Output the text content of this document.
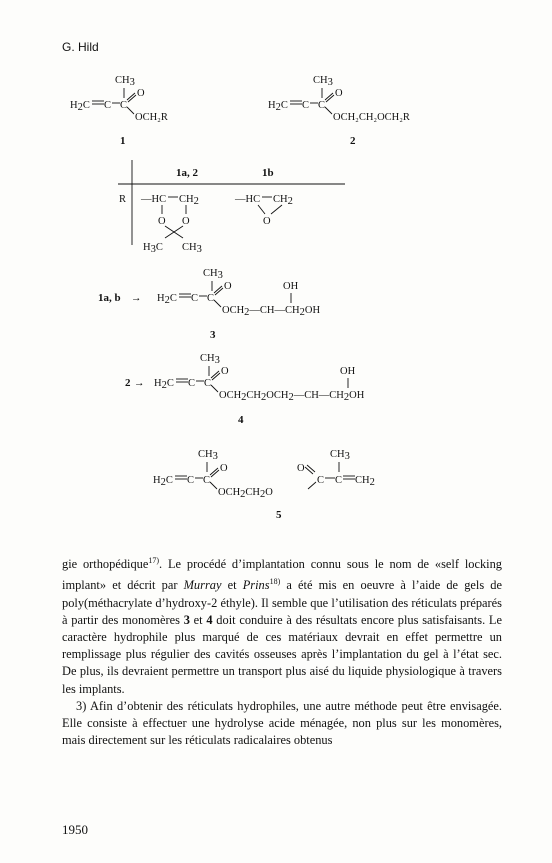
G. Hild
CH3
H2C C C
O
OCH₂R
1
CH3
H2C C C
O
OCH₂CH₂OCH₂R
2
1a, 2	1b
R —HC CH2
O O
H3C CH3
—HC CH2
O
CH3
1a, b → H2C C C
O
OCH2—CH—CH2OH
OH
3
CH3
2 → H2C C C
O
OCH2CH2OCH2—CH—CH2OH
OH
4
CH3
H2C C C
O
OCH2CH2O
C
O
C CH2
CH3
5

gie orthopédique$^{17)}$. Le procédé d’implantation connu sous le nom de «self locking implant» et décrit par Murray et Prins$^{18)}$ a été mis en oeuvre à l’aide de gels de poly(méthacrylate d’hydroxy-2 éthyle). Il semble que l’utilisation des réticulats préparés à partir des monomères 3 et 4 doit conduire à des résultats encore plus satisfaisants. Le caractère hydrophile plus marqué de ces matériaux devrait en effet permettre un remplissage plus régulier des cavités osseuses après l’implantation du gel à l’état sec. De plus, ils devraient permettre un transport plus aisé du liquide physiologique à travers les implants.

3) Afin d’obtenir des réticulats hydrophiles, une autre méthode peut être envisagée. Elle consiste à effectuer une hydrolyse acide ménagée, non plus sur les monomères, mais directement sur les réticulats radicalaires obtenus

1950
